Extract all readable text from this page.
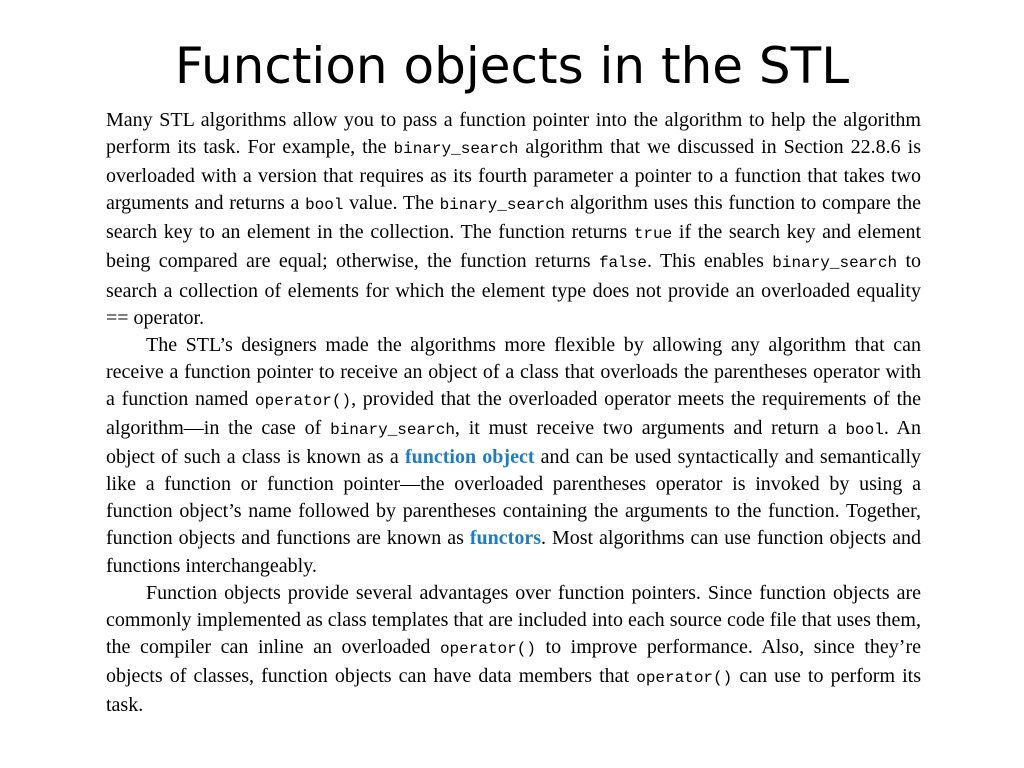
Function objects in the STL

Many STL algorithms allow you to pass a function pointer into the algorithm to help the algorithm perform its task. For example, the binary_search algorithm that we discussed in Section 22.8.6 is overloaded with a version that requires as its fourth parameter a pointer to a function that takes two arguments and returns a bool value. The binary_search algorithm uses this function to compare the search key to an element in the collection. The function returns true if the search key and element being compared are equal; otherwise, the function returns false. This enables binary_search to search a collection of elements for which the element type does not provide an overloaded equality == operator.

The STL’s designers made the algorithms more flexible by allowing any algorithm that can receive a function pointer to receive an object of a class that overloads the parentheses operator with a function named operator(), provided that the overloaded operator meets the requirements of the algorithm—in the case of binary_search, it must receive two arguments and return a bool. An object of such a class is known as a function object and can be used syntactically and semantically like a function or function pointer—the overloaded parentheses operator is invoked by using a function object’s name followed by parentheses containing the arguments to the function. Together, function objects and functions are known as functors. Most algorithms can use function objects and functions interchangeably.

Function objects provide several advantages over function pointers. Since function objects are commonly implemented as class templates that are included into each source code file that uses them, the compiler can inline an overloaded operator() to improve performance. Also, since they’re objects of classes, function objects can have data members that operator() can use to perform its task.
